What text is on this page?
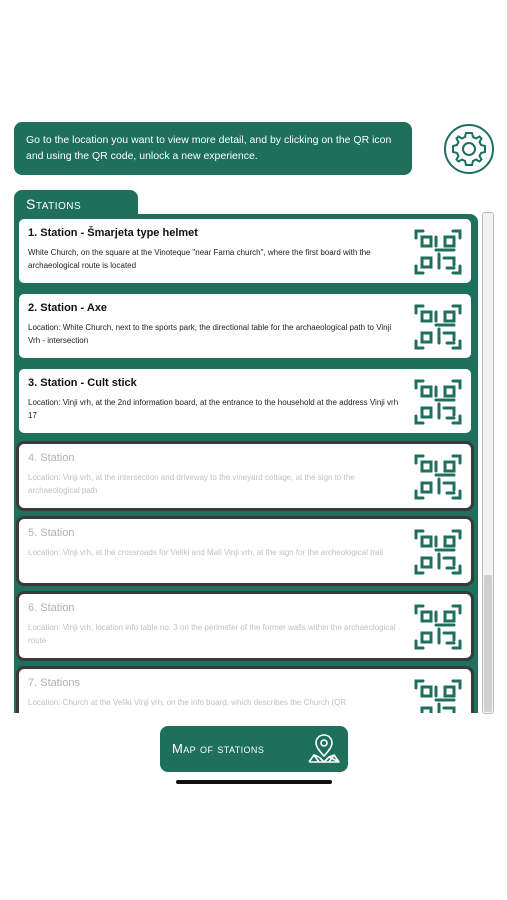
Go to the location you want to view more detail, and by clicking on the QR icon and using the QR code, unlock a new experience.
Stations
1. Station - Šmarjeta type helmet
White Church, on the square at the Vinoteque "near Farna church", where the first board with the archaeological route is located
2. Station - Axe
Location: White Church, next to the sports park, the directional table for the archaeological path to Vinji Vrh - intersection
3. Station - Cult stick
Location: Vinji vrh, at the 2nd information board, at the entrance to the household at the address Vinji vrh 17
4. Station
Location: Vinji vrh, at the intersection and driveway to the vineyard cottage, at the sign to the archaeological path
5. Station
Location: Vinji vrh, at the crossroads for Veliki and Mali Vinji vrh, at the sign for the archeological trail
6. Station
Location: Vinji vrh, location info table no. 3 on the perimeter of the former walls within the archaeological route
7. Stations
Location: Church at the Veliki Vinji vrh, on the info board, which describes the Church (QR
Map of stations
